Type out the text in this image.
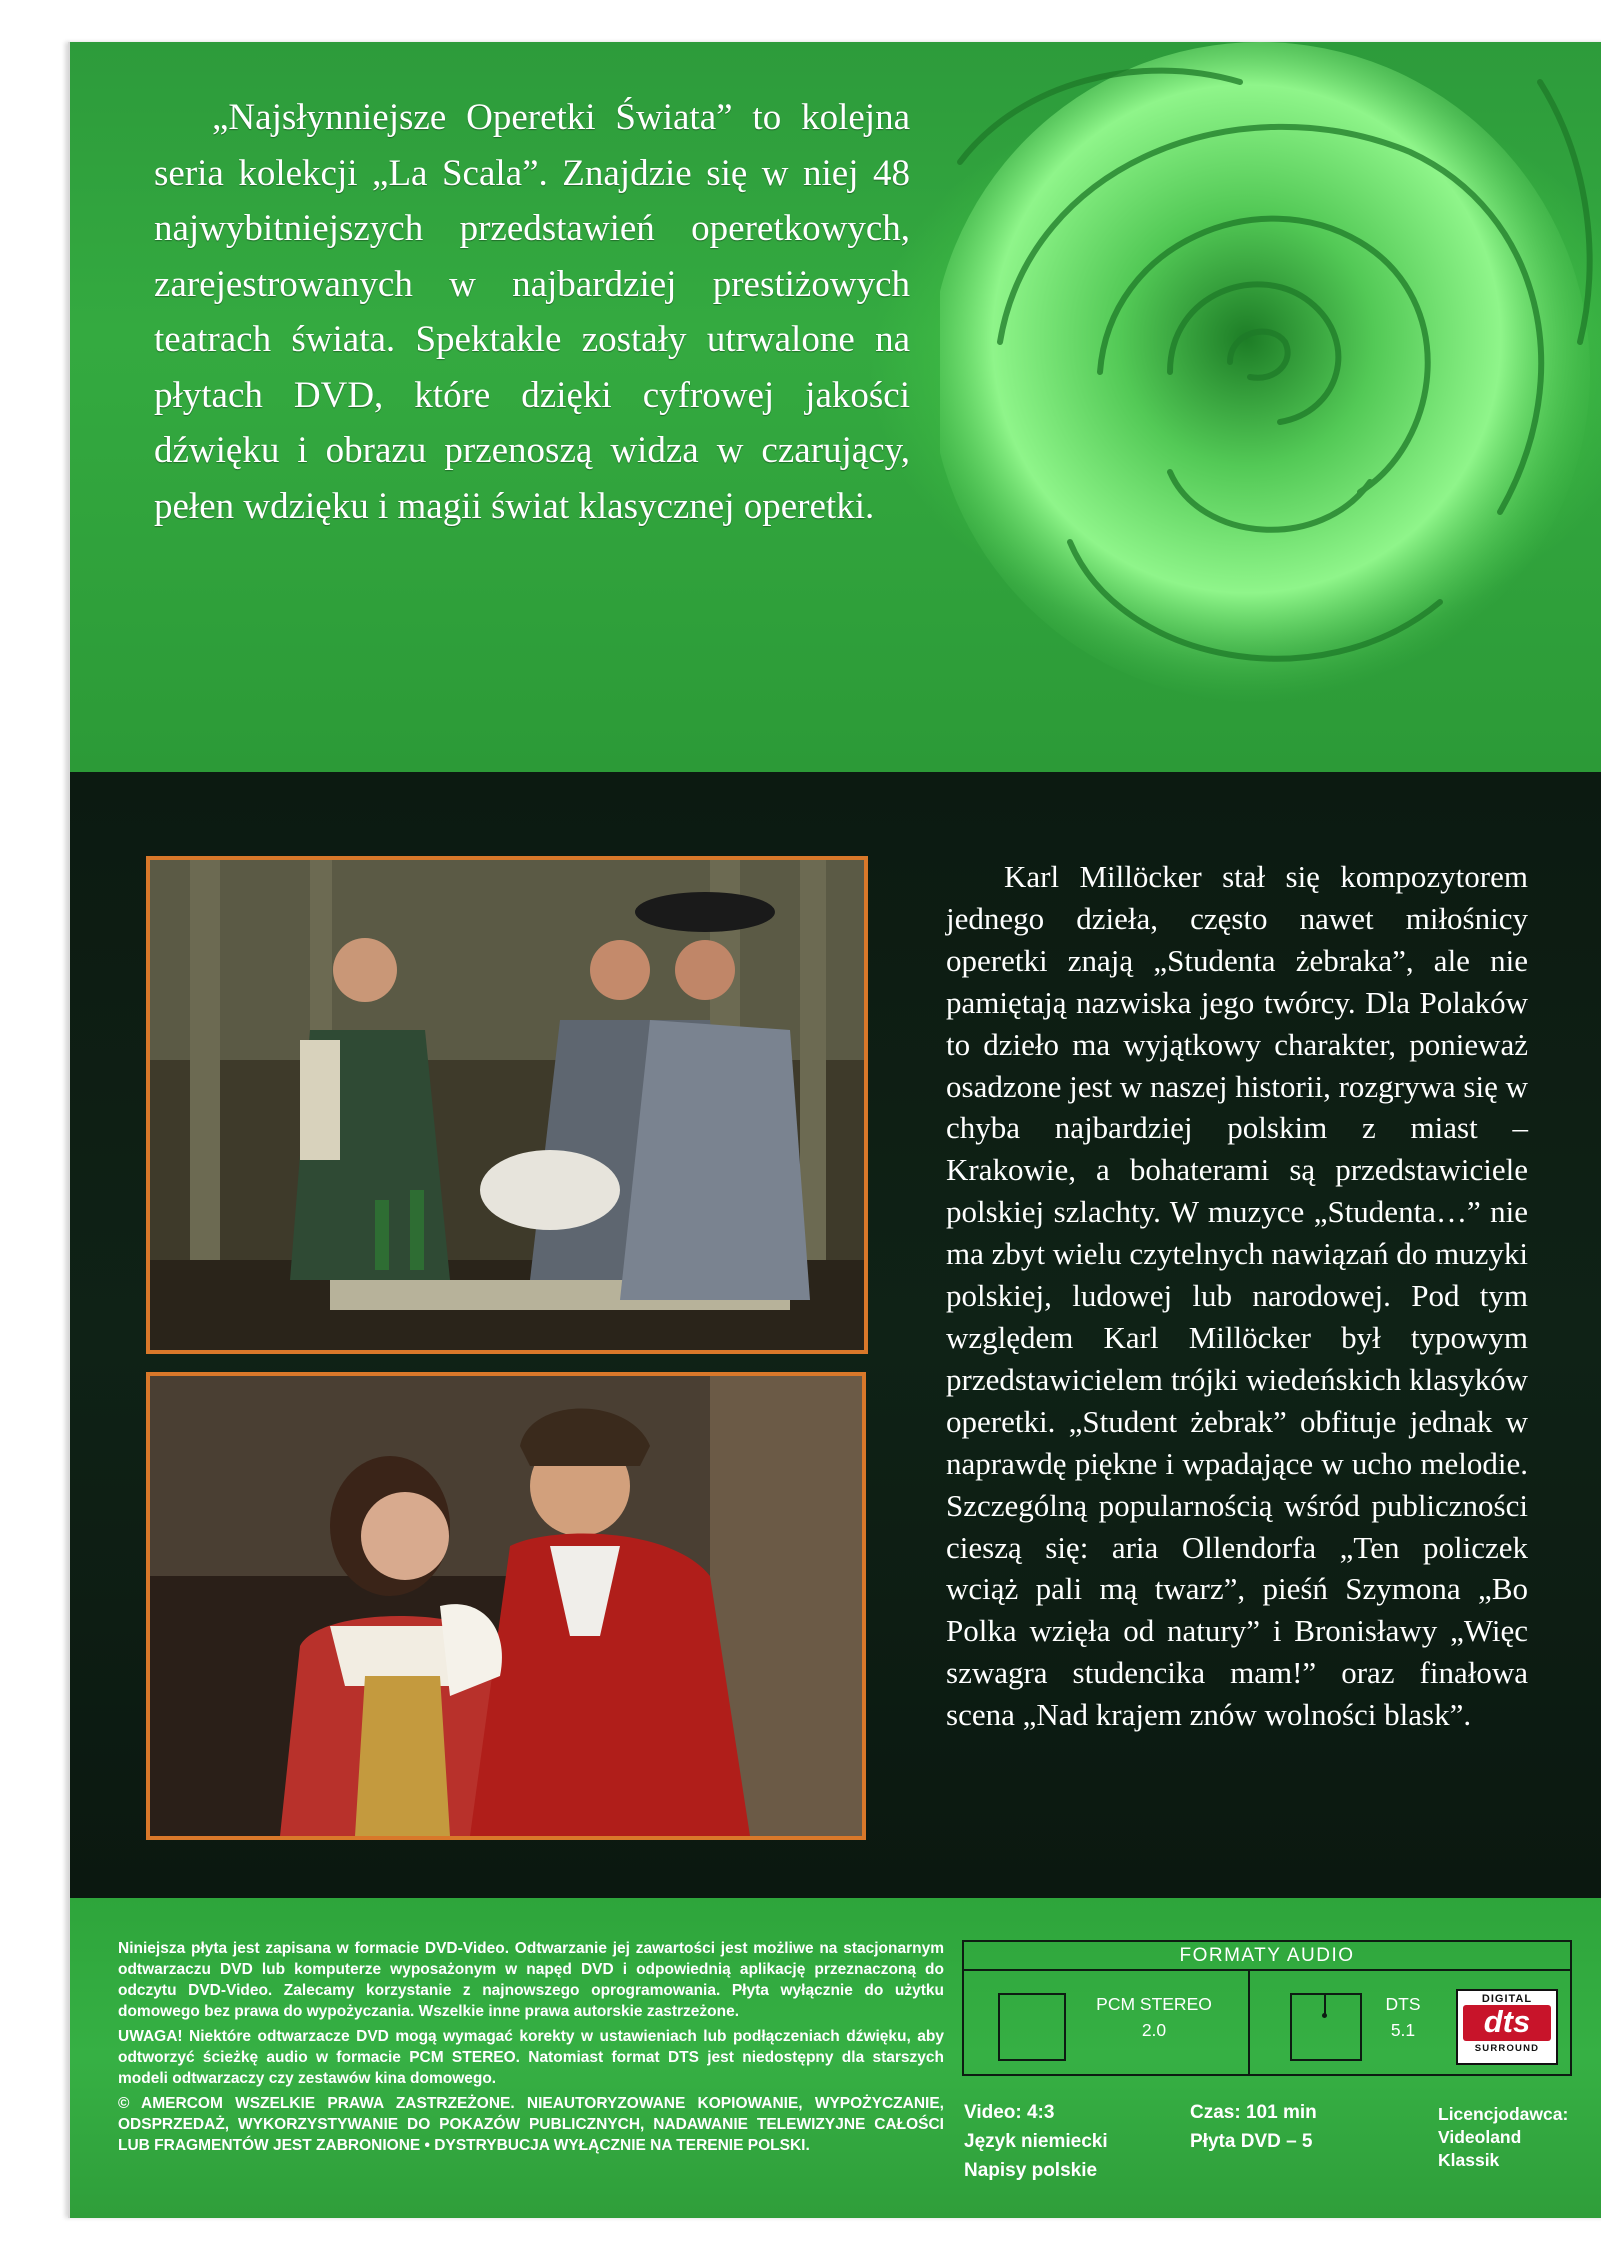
„Najsłynniejsze Operetki Świata” to kolejna seria kolekcji „La Scala”. Znajdzie się w niej 48 najwybitniejszych przedstawień operetkowych, zarejestrowanych w najbardziej prestiżowych teatrach świata. Spektakle zostały utrwalone na płytach DVD, które dzięki cyfrowej jakości dźwięku i obrazu przenoszą widza w czarujący, pełen wdzięku i magii świat klasycznej operetki.

Karl Millöcker stał się kompozytorem jednego dzieła, często nawet miłośnicy operetki znają „Studenta żebraka”, ale nie pamiętają nazwiska jego twórcy. Dla Polaków to dzieło ma wyjątkowy charakter, ponieważ osadzone jest w naszej historii, rozgrywa się w chyba najbardziej polskim z miast – Krakowie, a bohaterami są przedstawiciele polskiej szlachty. W muzyce „Studenta…” nie ma zbyt wielu czytelnych nawiązań do muzyki polskiej, ludowej lub narodowej. Pod tym względem Karl Millöcker był typowym przedstawicielem trójki wiedeńskich klasyków operetki. „Student żebrak” obfituje jednak w naprawdę piękne i wpadające w ucho melodie. Szczególną popularnością wśród publiczności cieszą się: aria Ollendorfa „Ten policzek wciąż pali mą twarz”, pieśń Szymona „Bo Polka wzięła od natury” i Bronisławy „Więc szwagra studencika mam!” oraz finałowa scena „Nad krajem znów wolności blask”.

Niniejsza płyta jest zapisana w formacie DVD-Video. Odtwarzanie jej zawartości jest możliwe na stacjonarnym odtwarzaczu DVD lub komputerze wyposażonym w napęd DVD i odpowiednią aplikację przeznaczoną do odczytu DVD-Video. Zalecamy korzystanie z najnowszego oprogramowania. Płyta wyłącznie do użytku domowego bez prawa do wypożyczania. Wszelkie inne prawa autorskie zastrzeżone.

UWAGA! Niektóre odtwarzacze DVD mogą wymagać korekty w ustawieniach lub podłączeniach dźwięku, aby odtworzyć ścieżkę audio w formacie PCM STEREO. Natomiast format DTS jest niedostępny dla starszych modeli odtwarzaczy czy zestawów kina domowego.

© AMERCOM WSZELKIE PRAWA ZASTRZEŻONE. NIEAUTORYZOWANE KOPIOWANIE, WYPOŻYCZANIE, ODSPRZEDAŻ, WYKORZYSTYWANIE DO POKAZÓW PUBLICZNYCH, NADAWANIE TELEWIZYJNE CAŁOŚCI LUB FRAGMENTÓW JEST ZABRONIONE • DYSTRYBUCJA WYŁĄCZNIE NA TERENIE POLSKI.

FORMATY AUDIO
PCM STEREO
2.0
DTS
5.1
DIGITAL
dts
SURROUND
Video: 4:3
Język niemiecki
Napisy polskie
Czas: 101 min
Płyta DVD – 5
Licencjodawca:
Videoland
Klassik
